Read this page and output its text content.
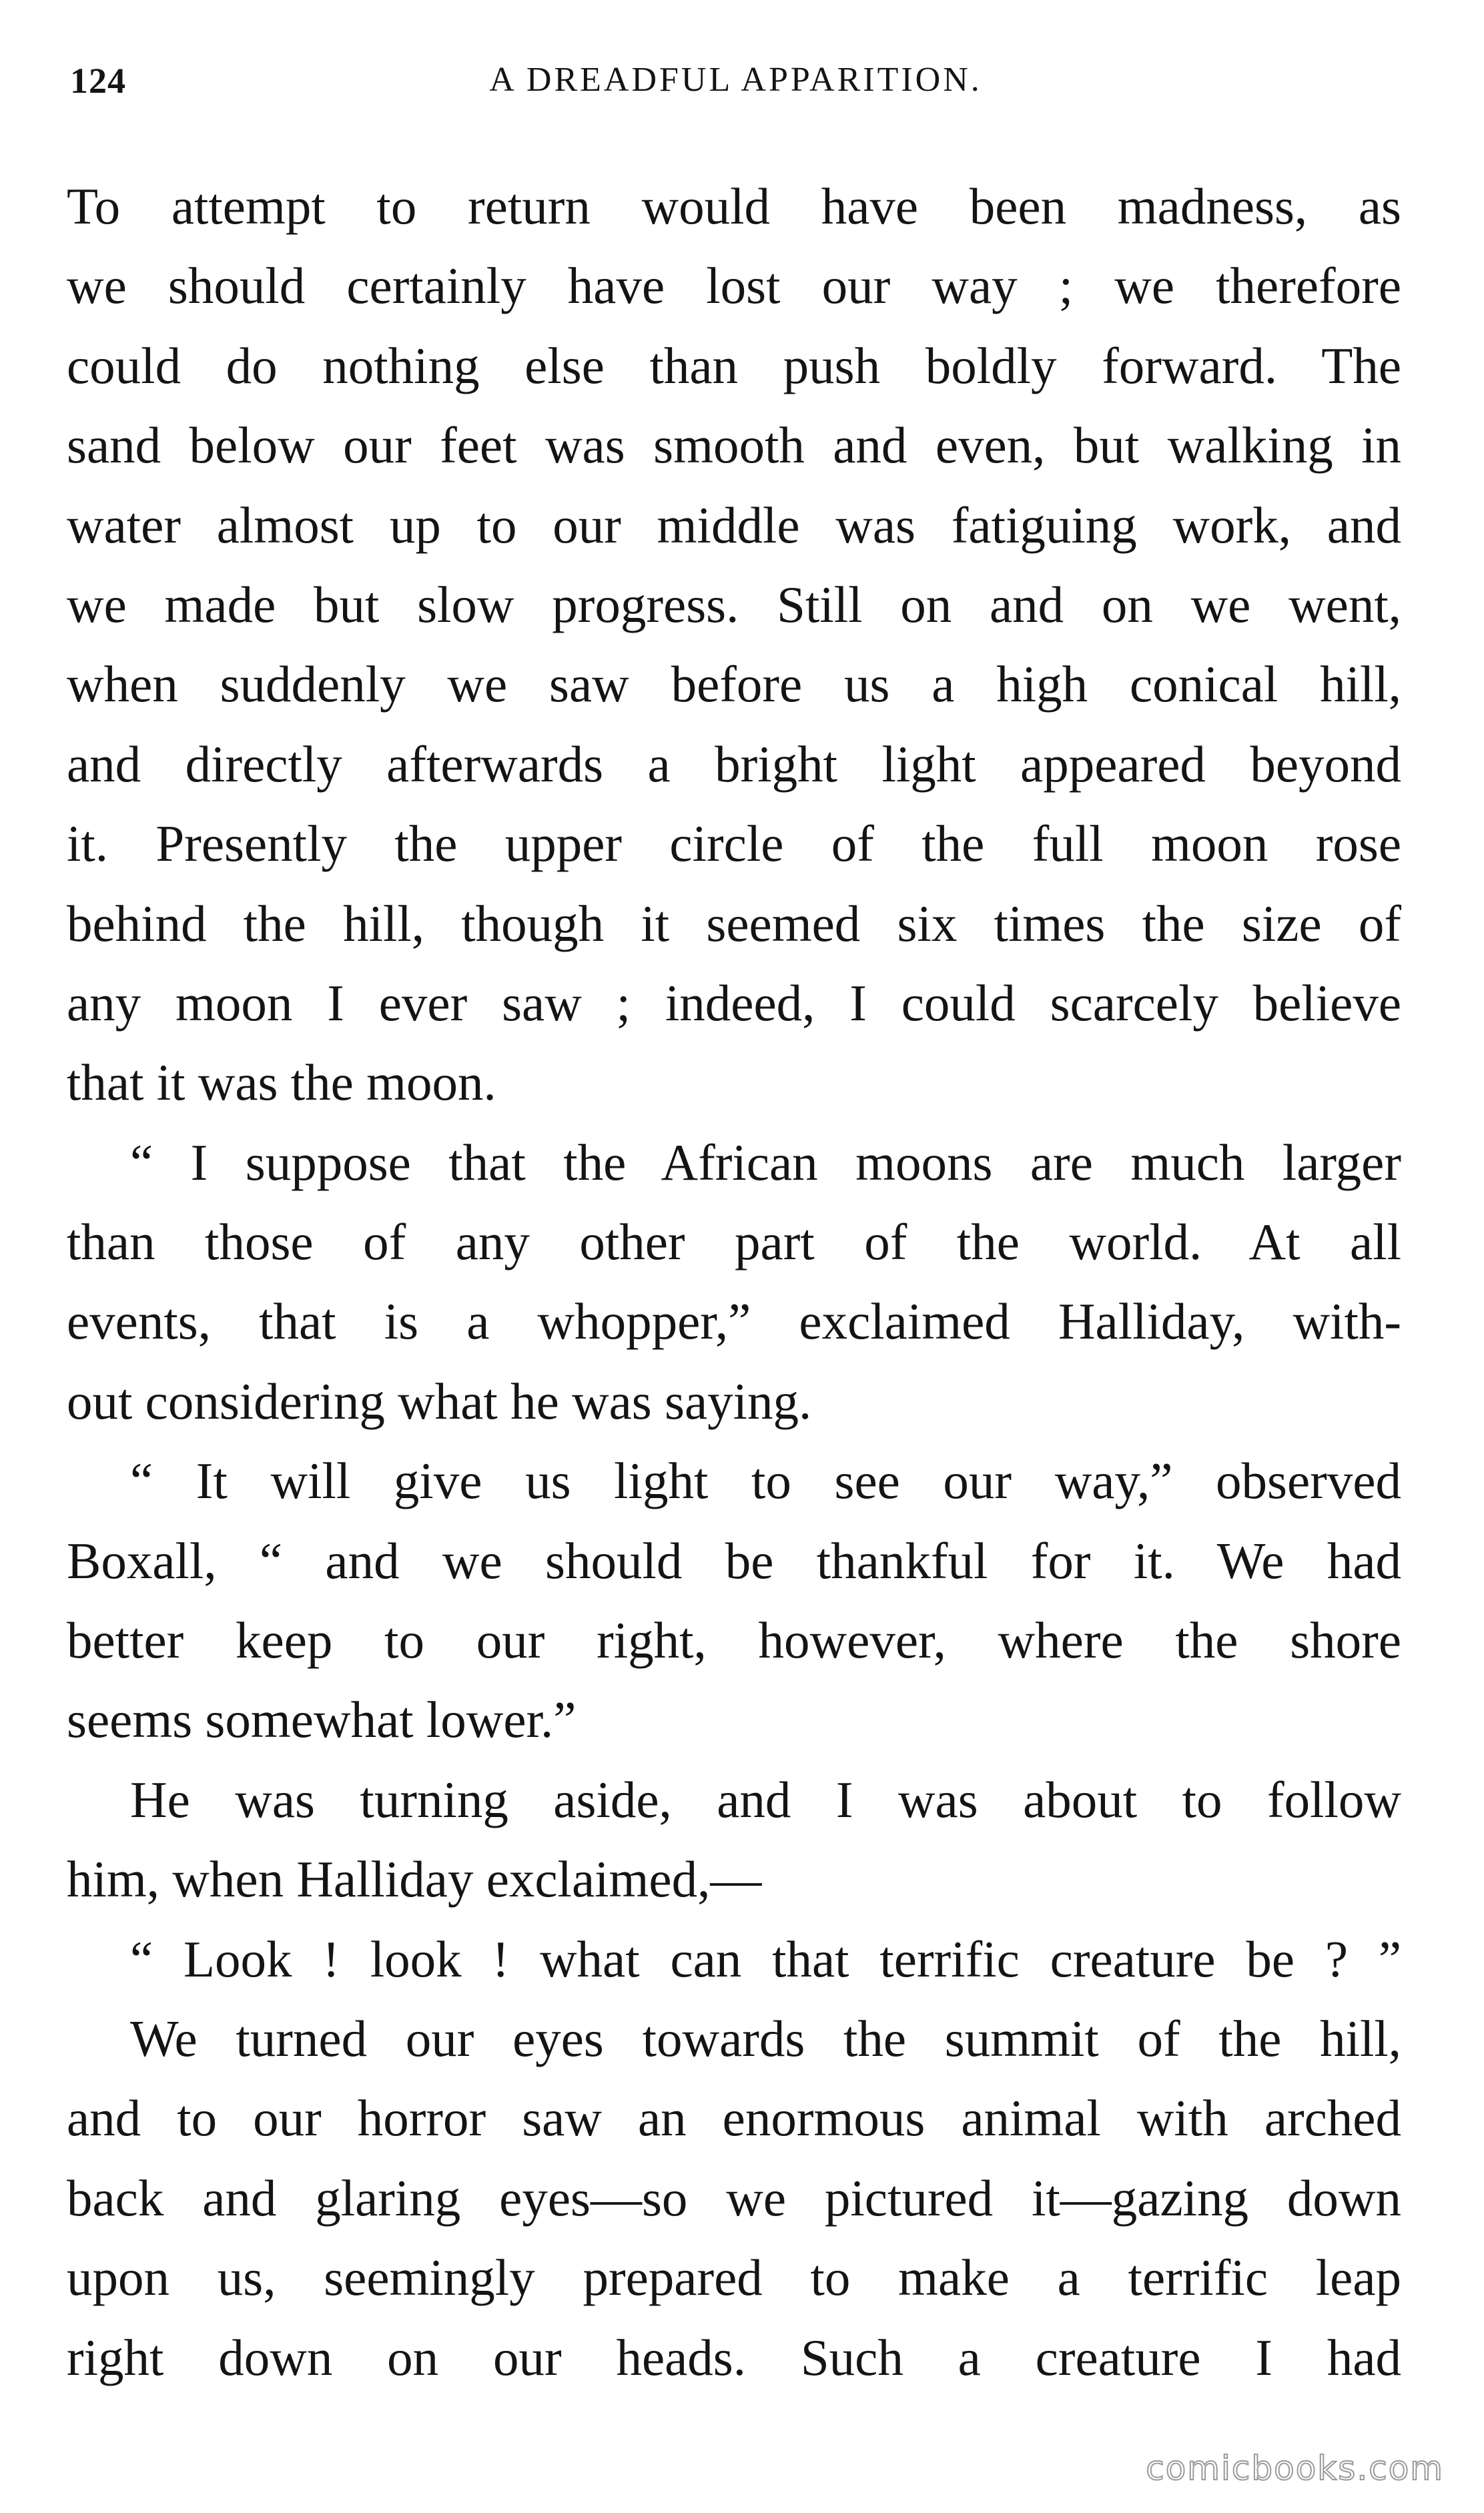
124	A DREADFUL APPARITION.
To attempt to return would have been madness, as
we should certainly have lost our way ; we therefore
could do nothing else than push boldly forward. The
sand below our feet was smooth and even, but walking in
water almost up to our middle was fatiguing work, and
we made but slow progress. Still on and on we went,
when suddenly we saw before us a high conical hill,
and directly afterwards a bright light appeared beyond
it. Presently the upper circle of the full moon rose
behind the hill, though it seemed six times the size of
any moon I ever saw ; indeed, I could scarcely believe
that it was the moon.
“ I suppose that the African moons are much larger
than those of any other part of the world. At all
events, that is a whopper,” exclaimed Halliday, with-
out considering what he was saying.
“ It will give us light to see our way,” observed
Boxall, “ and we should be thankful for it. We had
better keep to our right, however, where the shore
seems somewhat lower.”
He was turning aside, and I was about to follow
him, when Halliday exclaimed,—
“ Look ! look ! what can that terrific creature be ? ”
We turned our eyes towards the summit of the hill,
and to our horror saw an enormous animal with arched
back and glaring eyes—so we pictured it—gazing down
upon us, seemingly prepared to make a terrific leap
right down on our heads. Such a creature I had
comicbooks.com
